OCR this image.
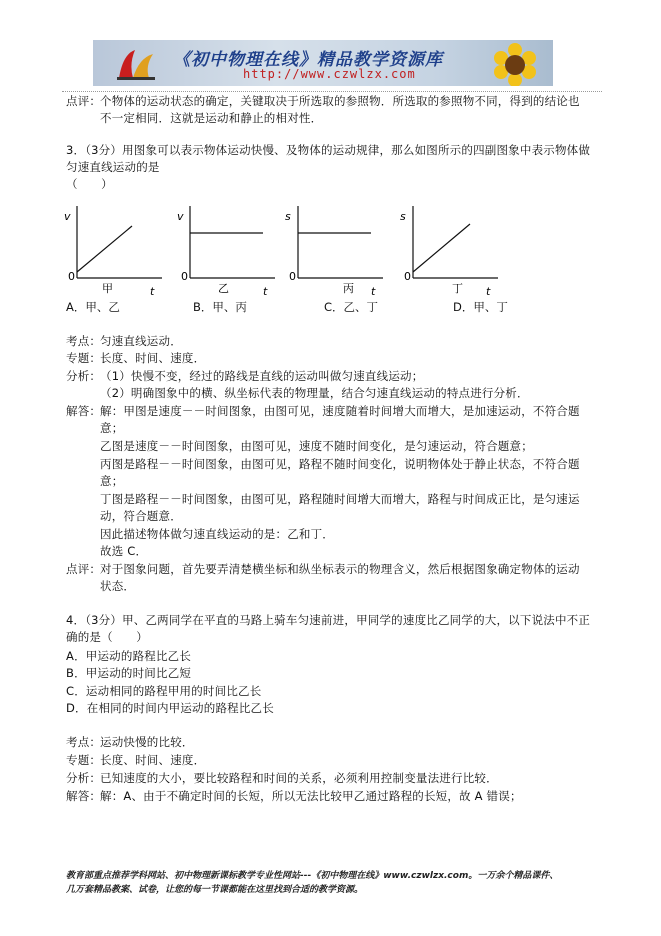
《初中物理在线》精品教学资源库
http://www.czwlzx.com
点评：
个物体的运动状态的确定，关键取决于所选取的参照物．所选取的参照物不同，得到的结论也
不一定相同．这就是运动和静止的相对性．
3．（3分）用图象可以表示物体运动快慢、及物体的运动规律，那么如图所示的四副图象中表示物体做
匀速直线运动的是
（　　）
v
0
t
甲
v
0
t
乙
s
0
t
丙
s
0
t
丁
A．甲、乙	B．甲、丙	C．乙、丁	D．甲、丁
考点：
匀速直线运动．
专题：
长度、时间、速度．
分析：
（1）快慢不变，经过的路线是直线的运动叫做匀速直线运动；
（2）明确图象中的横、纵坐标代表的物理量，结合匀速直线运动的特点进行分析．
解答：
解：甲图是速度－－时间图象，由图可见，速度随着时间增大而增大，是加速运动，不符合题
意；
乙图是速度－－时间图象，由图可见，速度不随时间变化，是匀速运动，符合题意；
丙图是路程－－时间图象，由图可见，路程不随时间变化，说明物体处于静止状态，不符合题
意；
丁图是路程－－时间图象，由图可见，路程随时间增大而增大，路程与时间成正比，是匀速运
动，符合题意．
因此描述物体做匀速直线运动的是：乙和丁．
故选 C．
点评：
对于图象问题，首先要弄清楚横坐标和纵坐标表示的物理含义，然后根据图象确定物体的运动
状态．
4．（3分）甲、乙两同学在平直的马路上骑车匀速前进，甲同学的速度比乙同学的大，以下说法中不正
确的是（　　）
A．甲运动的路程比乙长
B．甲运动的时间比乙短
C．运动相同的路程甲用的时间比乙长
D．在相同的时间内甲运动的路程比乙长
考点：
运动快慢的比较．
专题：
长度、时间、速度．
分析：
已知速度的大小，要比较路程和时间的关系，必须利用控制变量法进行比较．
解答：
解：A、由于不确定时间的长短，所以无法比较甲乙通过路程的长短，故 A 错误；
教育部重点推荐学科网站、初中物理新课标教学专业性网站---《初中物理在线》www.czwlzx.com。一万余个精品课件、
几万套精品教案、试卷，让您的每一节课都能在这里找到合适的教学资源。
